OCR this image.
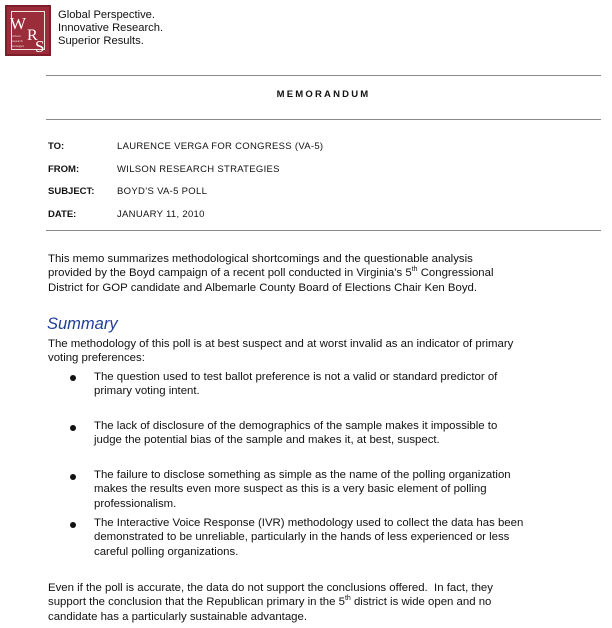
W
R
S
wilson
research
strategies
Global Perspective.
Innovative Research.
Superior Results.
MEMORANDUM
TO:	LAURENCE VERGA FOR CONGRESS (VA-5)
FROM:	WILSON RESEARCH STRATEGIES
SUBJECT: BOYD’S VA-5 POLL
DATE:	JANUARY 11, 2010
This memo summarizes methodological shortcomings and the questionable analysis
provided by the Boyd campaign of a recent poll conducted in Virginia’s 5th Congressional
District for GOP candidate and Albemarle County Board of Elections Chair Ken Boyd.
Summary
The methodology of this poll is at best suspect and at worst invalid as an indicator of primary
voting preferences:
The question used to test ballot preference is not a valid or standard predictor of
primary voting intent.
The lack of disclosure of the demographics of the sample makes it impossible to
judge the potential bias of the sample and makes it, at best, suspect.
The failure to disclose something as simple as the name of the polling organization
makes the results even more suspect as this is a very basic element of polling
professionalism.
The Interactive Voice Response (IVR) methodology used to collect the data has been
demonstrated to be unreliable, particularly in the hands of less experienced or less
careful polling organizations.
Even if the poll is accurate, the data do not support the conclusions offered.  In fact, they
support the conclusion that the Republican primary in the 5th district is wide open and no
candidate has a particularly sustainable advantage.
